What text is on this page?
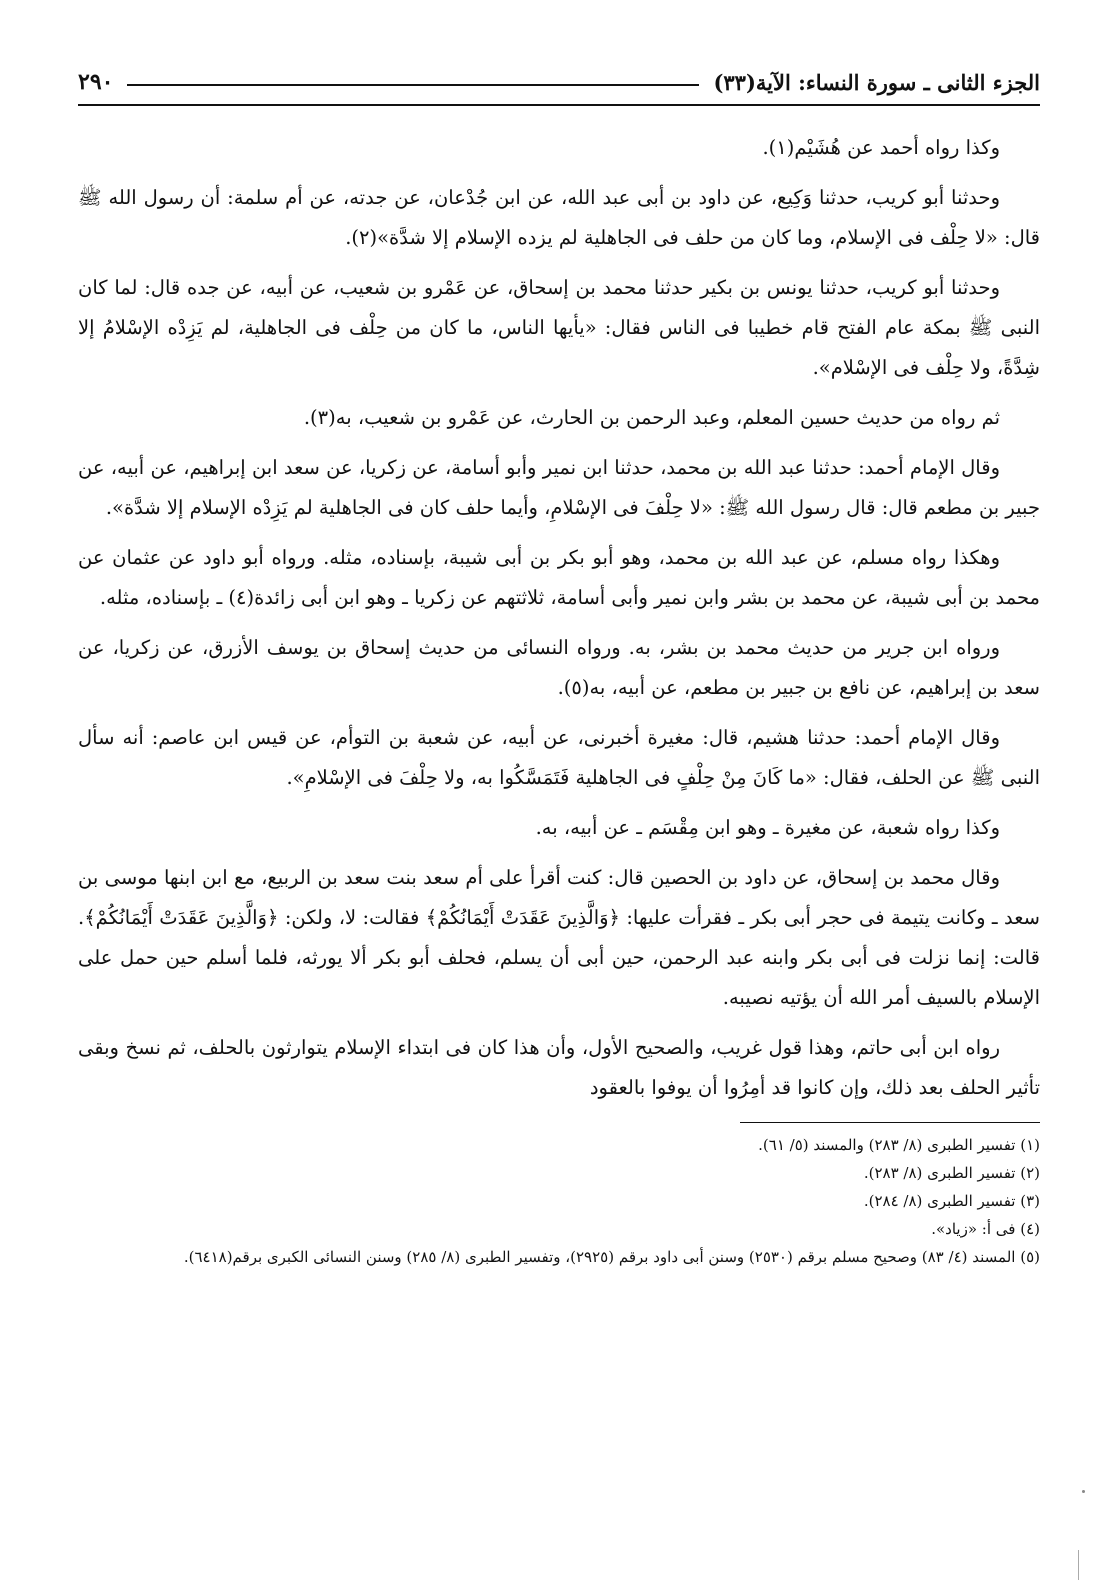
الجزء الثانى ـ سورة النساء: الآية(٣٣)
٢٩٠

وكذا رواه أحمد عن هُشَيْم(١).

وحدثنا أبو كريب، حدثنا وَكِيع، عن داود بن أبى عبد الله، عن ابن جُدْعان، عن جدته، عن أم سلمة: أن رسول الله ﷺ قال: «لا حِلْف فى الإسلام، وما كان من حلف فى الجاهلية لم يزده الإسلام إلا شدَّة»(٢).

وحدثنا أبو كريب، حدثنا يونس بن بكير حدثنا محمد بن إسحاق، عن عَمْرو بن شعيب، عن أبيه، عن جده قال: لما كان النبى ﷺ بمكة عام الفتح قام خطيبا فى الناس فقال: «يأيها الناس، ما كان من حِلْف فى الجاهلية، لم يَزِدْه الإسْلامُ إلا شِدَّةً، ولا حِلْف فى الإسْلام».

ثم رواه من حديث حسين المعلم، وعبد الرحمن بن الحارث، عن عَمْرو بن شعيب، به(٣).

وقال الإمام أحمد: حدثنا عبد الله بن محمد، حدثنا ابن نمير وأبو أسامة، عن زكريا، عن سعد ابن إبراهيم، عن أبيه، عن جبير بن مطعم قال: قال رسول الله ﷺ: «لا حِلْفَ فى الإسْلامِ، وأيما حلف كان فى الجاهلية لم يَزِدْه الإسلام إلا شدَّة».

وهكذا رواه مسلم، عن عبد الله بن محمد، وهو أبو بكر بن أبى شيبة، بإسناده، مثله. ورواه أبو داود عن عثمان عن محمد بن أبى شيبة، عن محمد بن بشر وابن نمير وأبى أسامة، ثلاثتهم عن زكريا ـ وهو ابن أبى زائدة(٤) ـ بإسناده، مثله.

ورواه ابن جرير من حديث محمد بن بشر، به. ورواه النسائى من حديث إسحاق بن يوسف الأزرق، عن زكريا، عن سعد بن إبراهيم، عن نافع بن جبير بن مطعم، عن أبيه، به(٥).

وقال الإمام أحمد: حدثنا هشيم، قال: مغيرة أخبرنى، عن أبيه، عن شعبة بن التوأم، عن قيس ابن عاصم: أنه سأل النبى ﷺ عن الحلف، فقال: «ما كَانَ مِنْ حِلْفٍ فى الجاهلية فَتَمَسَّكُوا به، ولا حِلْفَ فى الإسْلامِ».

وكذا رواه شعبة، عن مغيرة ـ وهو ابن مِقْسَم ـ عن أبيه، به.

وقال محمد بن إسحاق، عن داود بن الحصين قال: كنت أقرأ على أم سعد بنت سعد بن الربيع، مع ابن ابنها موسى بن سعد ـ وكانت يتيمة فى حجر أبى بكر ـ فقرأت عليها: ﴿وَالَّذِينَ عَقَدَتْ أَيْمَانُكُمْ﴾ فقالت: لا، ولكن: ﴿وَالَّذِينَ عَقَدَتْ أَيْمَانُكُمْ﴾. قالت: إنما نزلت فى أبى بكر وابنه عبد الرحمن، حين أبى أن يسلم، فحلف أبو بكر ألا يورثه، فلما أسلم حين حمل على الإسلام بالسيف أمر الله أن يؤتيه نصيبه.

رواه ابن أبى حاتم، وهذا قول غريب، والصحيح الأول، وأن هذا كان فى ابتداء الإسلام يتوارثون بالحلف، ثم نسخ وبقى تأثير الحلف بعد ذلك، وإن كانوا قد أمِرُوا أن يوفوا بالعقود

(١) تفسير الطبرى (٨/ ٢٨٣) والمسند (٥/ ٦١).

(٢) تفسير الطبرى (٨/ ٢٨٣).

(٣) تفسير الطبرى (٨/ ٢٨٤).

(٤) فى أ: «زياد».

(٥) المسند (٤/ ٨٣) وصحيح مسلم برقم (٢٥٣٠) وسنن أبى داود برقم (٢٩٢٥)، وتفسير الطبرى (٨/ ٢٨٥) وسنن النسائى الكبرى برقم(٦٤١٨).
